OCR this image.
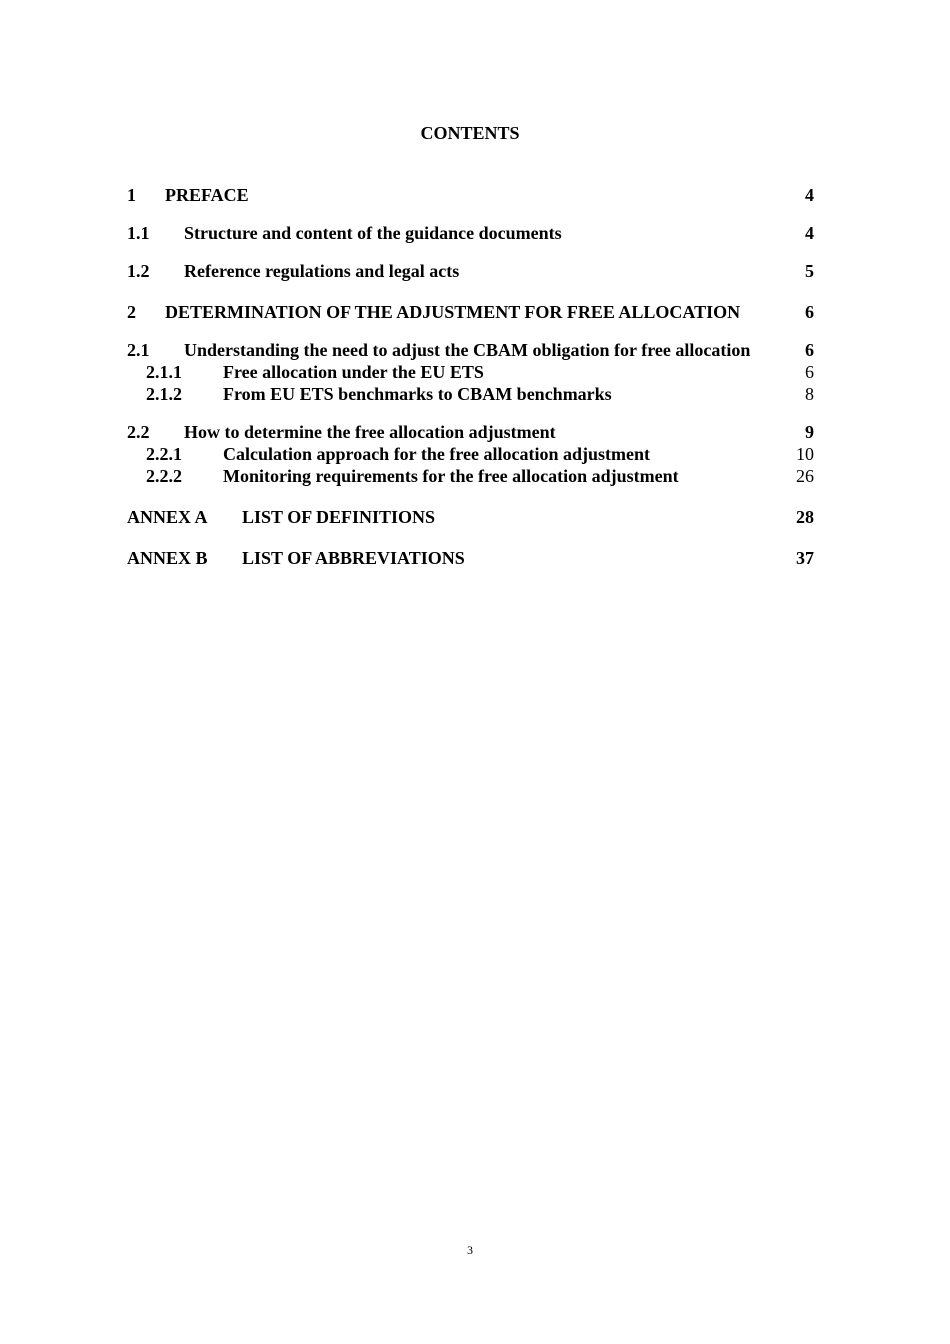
CONTENTS
1 PREFACE	4
1.1 Structure and content of the guidance documents	4
1.2 Reference regulations and legal acts	5
2 DETERMINATION OF THE ADJUSTMENT FOR FREE ALLOCATION	6
2.1 Understanding the need to adjust the CBAM obligation for free allocation	6
2.1.1 Free allocation under the EU ETS	6
2.1.2 From EU ETS benchmarks to CBAM benchmarks	8
2.2 How to determine the free allocation adjustment	9
2.2.1 Calculation approach for the free allocation adjustment	10
2.2.2 Monitoring requirements for the free allocation adjustment	26
ANNEX A LIST OF DEFINITIONS	28
ANNEX B LIST OF ABBREVIATIONS	37
3
